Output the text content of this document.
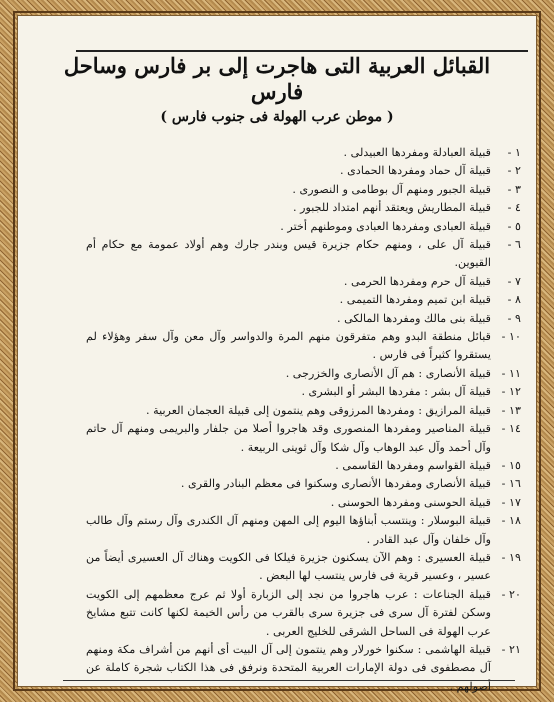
القبائل العربية التى هاجرت إلى بر فارس وساحل فارس
( موطن عرب الهولة فى جنوب فارس )
١ -
قبيلة العبادلة ومفردها العبيدلى .
٢ -
قبيلة آل حماد ومفردها الحمادى .
٣ -
قبيلة الجبور ومنهم آل بوطامى و النصورى .
٤ -
قبيلة المطاريش ويعتقد أنهم امتداد للجبور .
٥ -
قبيلة العبادى ومفردها العبادى وموطنهم أختر .
٦ -
قبيلة آل على ، ومنهم حكام جزيرة قيس وبندر جارك وهم أولاد عمومة مع حكام أم القيوين.
٧ -
قبيلة آل حرم ومفردها الحرمى .
٨ -
قبيلة ابن تميم ومفردها التميمى .
٩ -
قبيلة بنى مالك ومفردها المالكى .
١٠ -
قبائل منطقة البدو وهم متفرقون منهم المرة والدواسر وآل معن وآل سفر وهؤلاء لم يستقروا كثيراً فى فارس .
١١ -
قبيلة الأنصارى : هم آل الأنصارى والخزرجى .
١٢ -
قبيلة آل بشر : مفردها البشر أو البشرى .
١٣ -
قبيلة المرازيق : ومفردها المرزوقى وهم ينتمون إلى قبيلة العجمان العربية .
١٤ -
قبيلة المناصير ومفردها المنصورى وقد هاجروا أصلا من جلفار والبريمى ومنهم آل حاتم وآل أحمد وآل عبد الوهاب وآل شكا وآل ثوينى الربيعة .
١٥ -
قبيلة القواسم ومفردها القاسمى .
١٦ -
قبيلة الأنصارى ومفردها الأنصارى وسكنوا فى معظم البنادر والقرى .
١٧ -
قبيلة الحوسنى ومفردها الحوسنى .
١٨ -
قبيلة البوسلار : وينتسب أبناؤها اليوم إلى المهن ومنهم آل الكندرى وآل رستم وآل طالب وآل خلفان وآل عبد القادر .
١٩ -
قبيلة العسيرى : وهم الآن يسكنون جزيرة فيلكا فى الكويت وهناك آل العسيرى أيضاً من عسير ، وعسير قرية فى فارس ينتسب لها البعض .
٢٠ -
قبيلة الجناعات : عرب هاجروا من نجد إلى الزبارة أولا ثم عرج معظمهم إلى الكويت وسكن لفترة آل سرى فى جزيرة سرى بالقرب من رأس الخيمة لكنها كانت تتبع مشايخ عرب الهولة فى الساحل الشرقى للخليج العربى .
٢١ -
قبيلة الهاشمى : سكنوا خورلار وهم ينتمون إلى آل البيت أى أنهم من أشراف مكة ومنهم آل مصطفوى فى دولة الإمارات العربية المتحدة ونرفق فى هذا الكتاب شجرة كاملة عن أصولهم .
